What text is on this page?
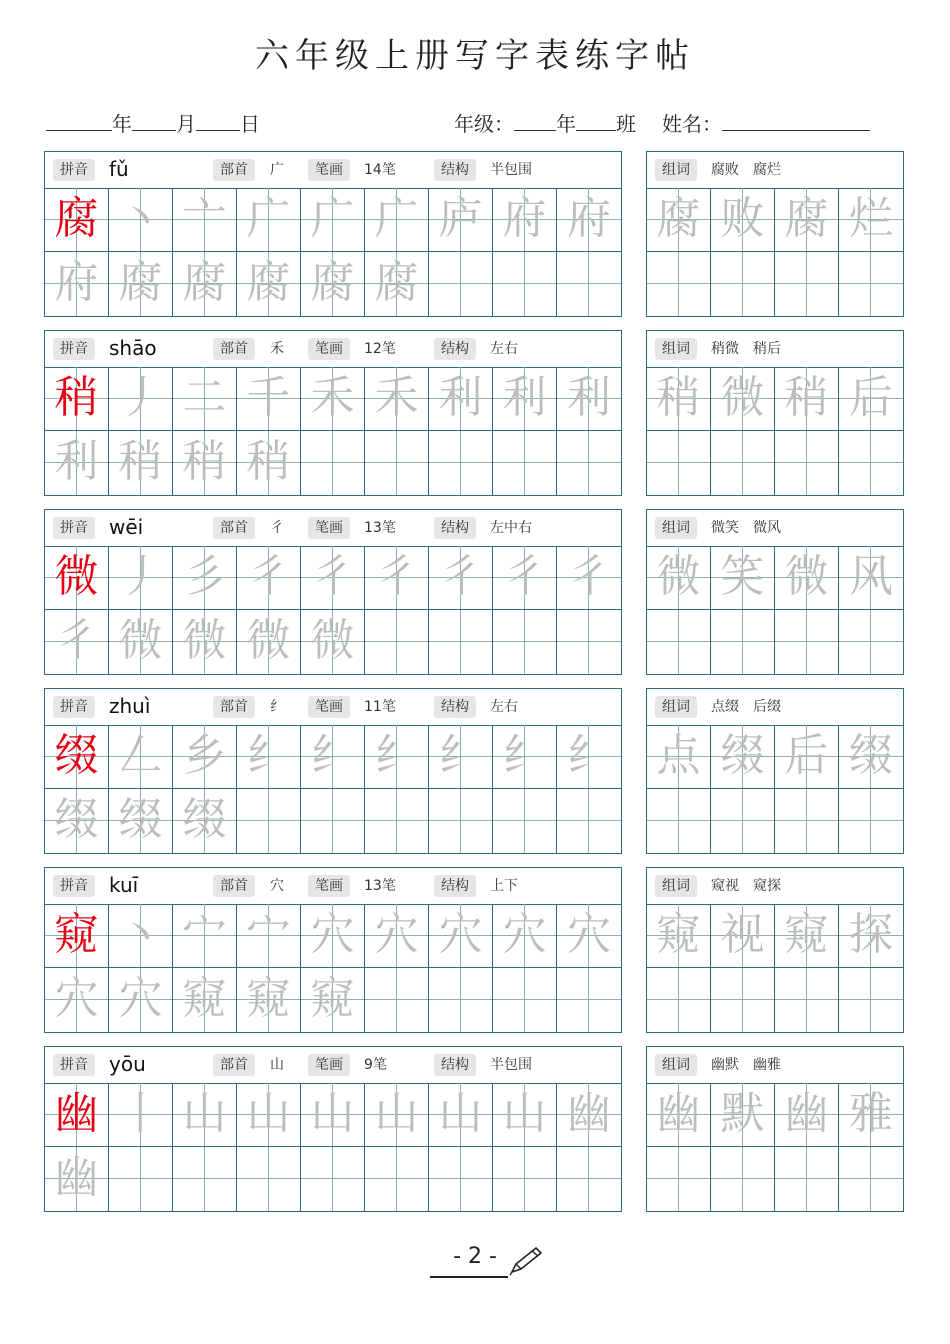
六年级上册写字表练字帖
年 月 日	年级： 年 班 姓名：
拼音	fǔ	部首	广	笔画	14笔	结构	半包围
腐 丶 亠 广 广 广 庐 府 府
府 腐 腐 腐 腐 腐
组词	腐败　腐烂
腐 败 腐 烂
拼音	shāo	部首	禾	笔画	12笔	结构	左右
稍 丿 二 千 禾 禾 利 利 利
利 稍 稍 稍
组词	稍微　稍后
稍 微 稍 后
拼音	wēi	部首	彳	笔画	13笔	结构	左中右
微 丿 彡 彳 彳 彳 彳 彳 彳
彳 微 微 微 微
组词	微笑　微风
微 笑 微 风
拼音	zhuì	部首	纟	笔画	11笔	结构	左右
缀 𠃋 乡 纟 纟 纟 纟 纟 纟
缀 缀 缀
组词	点缀　后缀
点 缀 后 缀
拼音	kuī	部首	穴	笔画	13笔	结构	上下
窥 丶 宀 宀 穴 穴 穴 穴 穴
穴 穴 窥 窥 窥
组词	窥视　窥探
窥 视 窥 探
拼音	yōu	部首	山	笔画	9笔	结构	半包围
幽 丨 山 山 山 山 山 山 幽
幽
组词	幽默　幽雅
幽 默 幽 雅
- 2 -
